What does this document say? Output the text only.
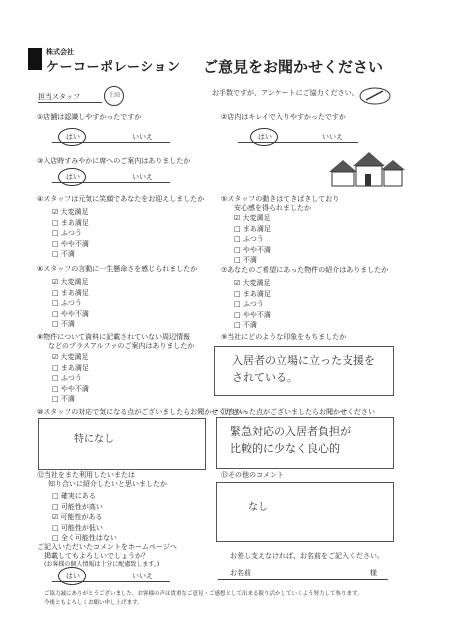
株式会社
ケーコーポレーション ご意見をお聞かせください
担当スタッフ	土田	お手数ですが、アンケートにご協力ください。
①店舗は認識しやすかったですか
はい	いいえ
②店内はキレイで入りやすかったですか
はい	いいえ
③入店時すみやかに席へのご案内はありましたか
はい	いいえ
④スタッフは元気に笑顔であなたをお迎えしましたか
☑ 大変満足
□ まあ満足
□ ふつう
□ やや不満
□ 不満
⑤スタッフの動きはてきぱきしており
安心感を得られましたか
☑ 大変満足
□ まあ満足
□ ふつう
□ やや不満
□ 不満
⑥スタッフの言動に一生懸命さを感じられましたか
☑ 大変満足
□ まあ満足
□ ふつう
□ やや不満
□ 不満
⑦あなたのご希望にあった物件の紹介はありましたか
☑ 大変満足
□ まあ満足
□ ふつう
□ やや不満
□ 不満
⑧物件について資料に記載されていない周辺情報
などのプラスアルファのご案内はありましたか
☑ 大変満足
□ まあ満足
□ ふつう
□ やや不満
□ 不満
⑨当社にどのような印象をもちましたか
入居者の立場に立った支援を
されている。
⑩スタッフの対応で気になる点がございましたらお聞かせください
特になし
⑪良かった点がございましたらお聞かせください
緊急対応の入居者負担が
比較的に少なく良心的
⑫当社をまた利用したいまたは
知り合いに紹介したいと思いましたか
□ 確実にある
□ 可能性が高い
☑ 可能性がある
□ 可能性が低い
□ 全く可能性はない
⑬その他のコメント
なし
ご記入いただいたコメントをホームページへ
掲載してもよろしいでしょうか？
(お客様の個人情報は十分に配慮致します。)
はい	いいえ
お差し支えなければ、お名前をご記入ください。
お名前	様
ご協力誠にありがとうございました。お客様の声は貴重なご意見・ご感想として出来る限り活かしていくよう努力して参ります。
今後ともよろしくお願い申し上げます。
